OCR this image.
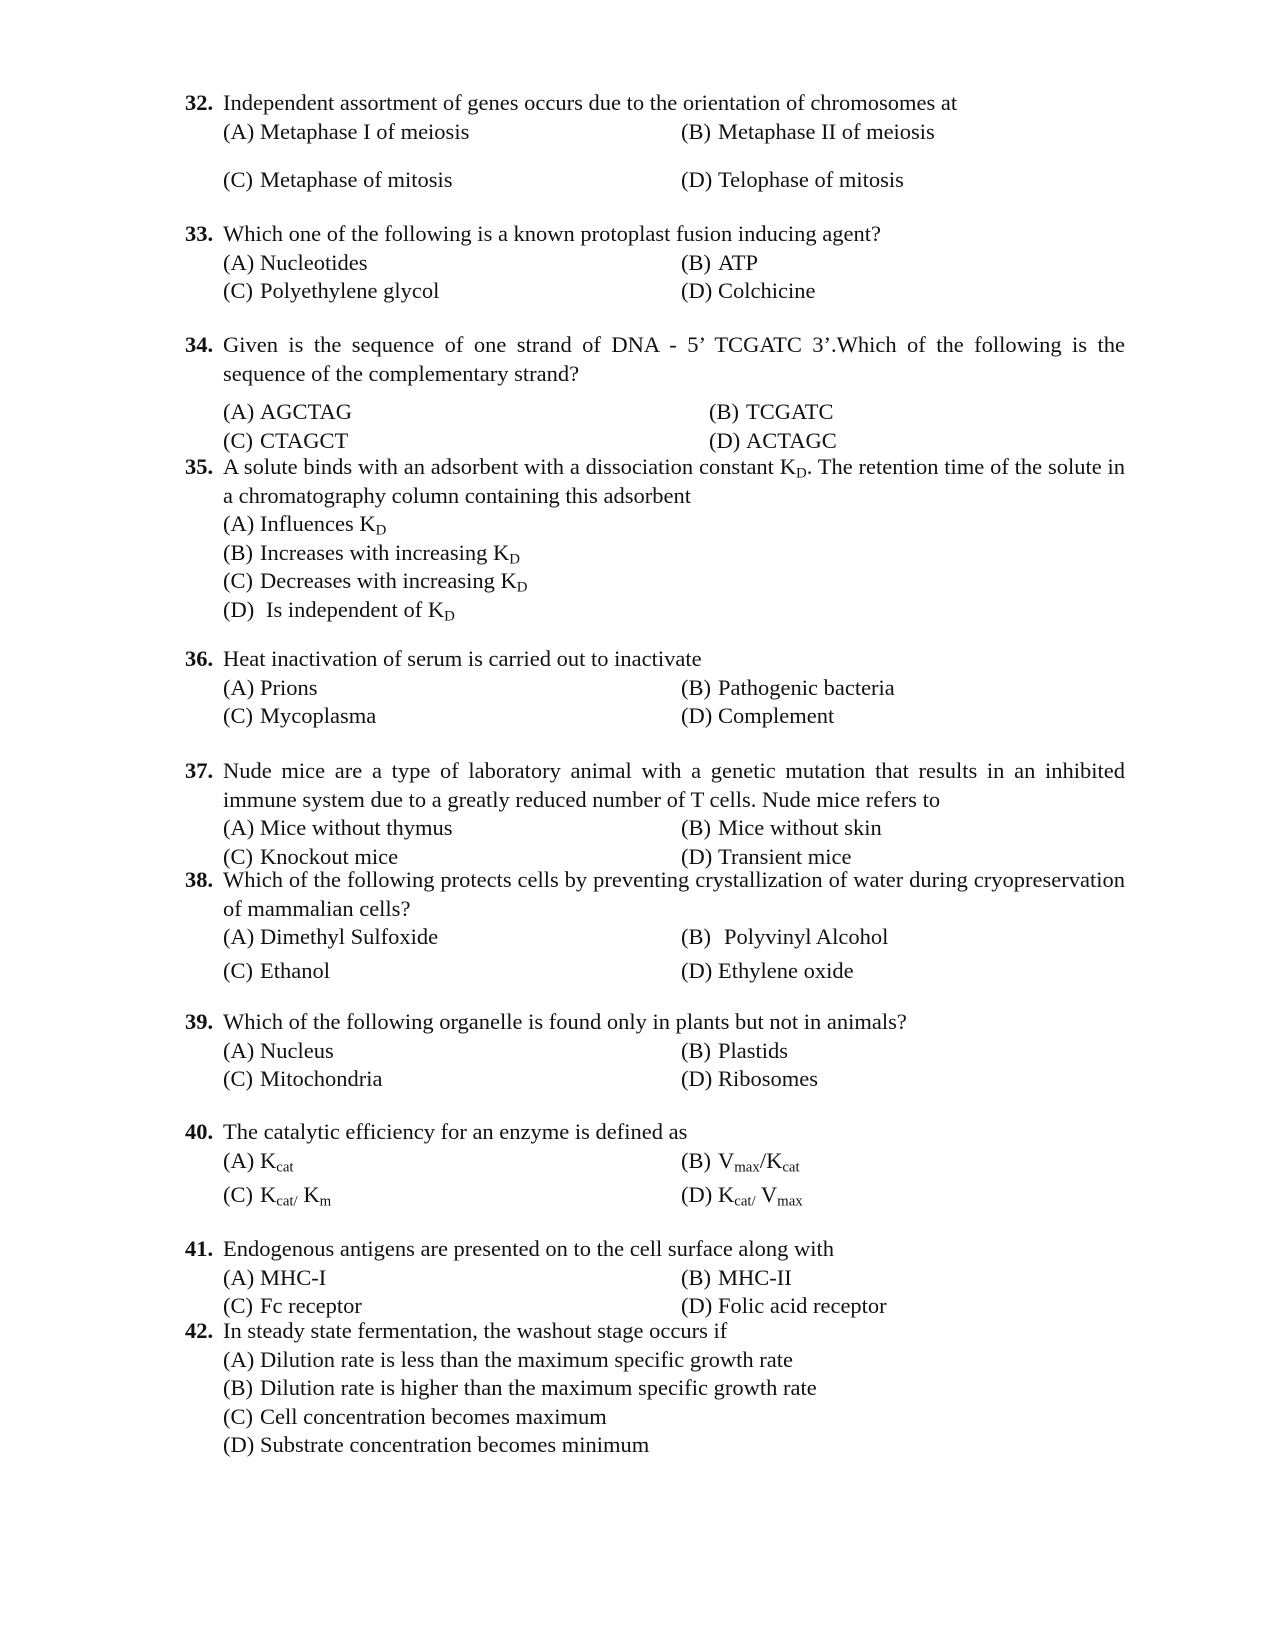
32. Independent assortment of genes occurs due to the orientation of chromosomes at

(A) Metaphase I of meiosis	(B) Metaphase II of meiosis
(C) Metaphase of mitosis	(D) Telophase of mitosis

33. Which one of the following is a known protoplast fusion inducing agent?

(A) Nucleotides	(B) ATP
(C) Polyethylene glycol	(D) Colchicine

34. Given is the sequence of one strand of DNA - 5’ TCGATC 3’.Which of the following is the sequence of the complementary strand?

(A) AGCTAG	(B) TCGATC
(C) CTAGCT	(D) ACTAGC

35. A solute binds with an adsorbent with a dissociation constant $K_D$. The retention time of the solute in a chromatography column containing this adsorbent

(A) Influences $K_D$
(B) Increases with increasing $K_D$
(C) Decreases with increasing $K_D$
(D) Is independent of $K_D$

36. Heat inactivation of serum is carried out to inactivate

(A) Prions	(B) Pathogenic bacteria
(C) Mycoplasma	(D) Complement

37. Nude mice are a type of laboratory animal with a genetic mutation that results in an inhibited immune system due to a greatly reduced number of T cells. Nude mice refers to

(A) Mice without thymus	(B) Mice without skin
(C) Knockout mice	(D) Transient mice

38. Which of the following protects cells by preventing crystallization of water during cryopreservation of mammalian cells?

(A) Dimethyl Sulfoxide	(B) Polyvinyl Alcohol
(C) Ethanol	(D) Ethylene oxide

39. Which of the following organelle is found only in plants but not in animals?

(A) Nucleus	(B) Plastids
(C) Mitochondria	(D) Ribosomes

40. The catalytic efficiency for an enzyme is defined as

(A) $K_{cat}$	(B) $V_{max}/K_{cat}$
(C) $K_{cat/}$ $K_m$	(D) $K_{cat/}$ $V_{max}$

41. Endogenous antigens are presented on to the cell surface along with

(A) MHC-I	(B) MHC-II
(C) Fc receptor	(D) Folic acid receptor

42. In steady state fermentation, the washout stage occurs if

(A) Dilution rate is less than the maximum specific growth rate
(B) Dilution rate is higher than the maximum specific growth rate
(C) Cell concentration becomes maximum
(D) Substrate concentration becomes minimum
